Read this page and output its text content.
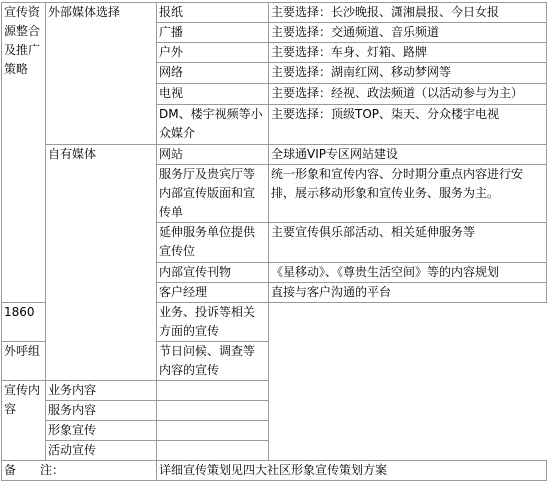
宣传资源整合及推广策略	外部媒体选择	报纸	主要选择：长沙晚报、潇湘晨报、今日女报
		广播	主要选择：交通频道、音乐频道
		户外	主要选择：车身、灯箱、路牌
		网络	主要选择：湖南红网、移动梦网等
		电视	主要选择：经视、政法频道（以活动参与为主）
		DM、楼宇视频等小众媒介	主要选择：顶级TOP、柒天、分众楼宇电视
	自有媒体	网站	全球通VIP专区网站建设
		服务厅及贵宾厅等内部宣传版面和宣传单	统一形象和宣传内容、分时期分重点内容进行安排，展示移动形象和宣传业务、服务为主。
		延伸服务单位提供宣传位	主要宣传俱乐部活动、相关延伸服务等
		内部宣传刊物	《星移动》、《尊贵生活空间》等的内容规划
		客户经理	直接与客户沟通的平台
1860		业务、投诉等相关方面的宣传	
外呼组		节日问候、调查等内容的宣传	
宣传内容	业务内容		
	服务内容		
	形象宣传		
	活动宣传		
备　　注：		详细宣传策划见四大社区形象宣传策划方案	
